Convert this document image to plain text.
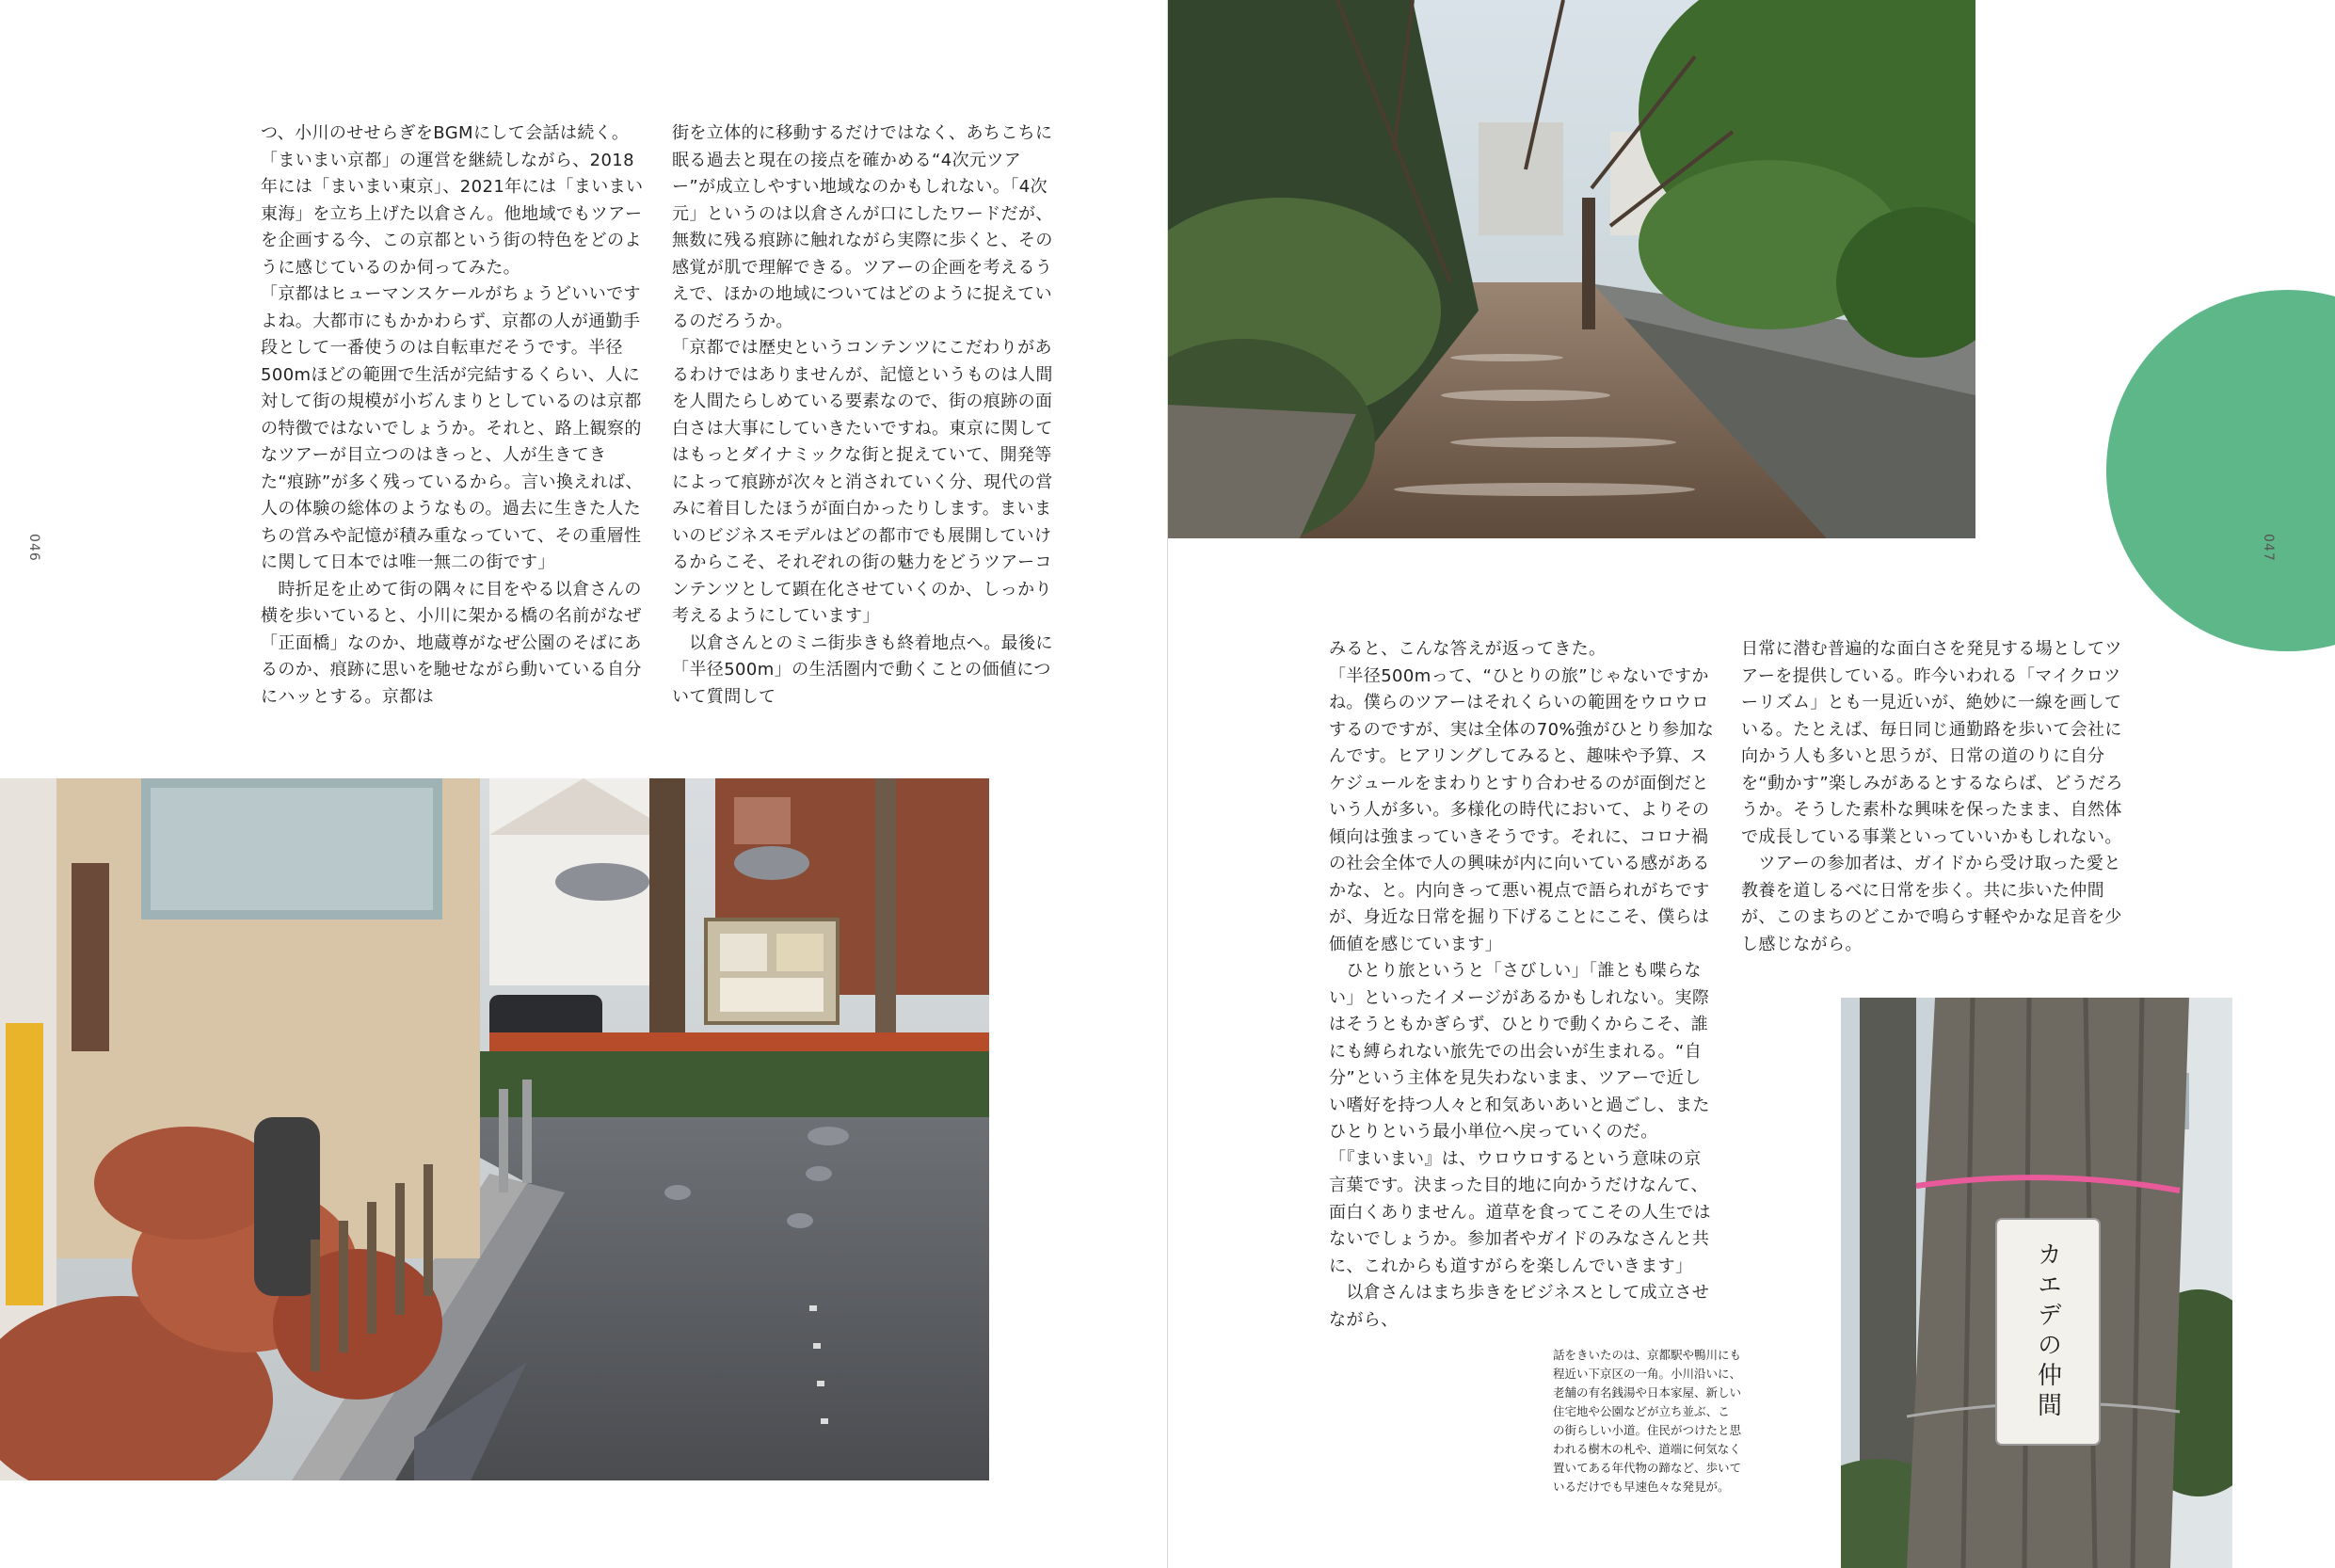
つ、小川のせせらぎをBGMにして会話は続く。「まいまい京都」の運営を継続しながら、2018年には「まいまい東京」、2021年には「まいまい東海」を立ち上げた以倉さん。他地域でもツアーを企画する今、この京都という街の特色をどのように感じているのか伺ってみた。

「京都はヒューマンスケールがちょうどいいですよね。大都市にもかかわらず、京都の人が通勤手段として一番使うのは自転車だそうです。半径500mほどの範囲で生活が完結するくらい、人に対して街の規模が小ぢんまりとしているのは京都の特徴ではないでしょうか。それと、路上観察的なツアーが目立つのはきっと、人が生きてきた“痕跡”が多く残っているから。言い換えれば、人の体験の総体のようなもの。過去に生きた人たちの営みや記憶が積み重なっていて、その重層性に関して日本では唯一無二の街です」

　時折足を止めて街の隅々に目をやる以倉さんの横を歩いていると、小川に架かる橋の名前がなぜ「正面橋」なのか、地蔵尊がなぜ公園のそばにあるのか、痕跡に思いを馳せながら動いている自分にハッとする。京都は

街を立体的に移動するだけではなく、あちこちに眠る過去と現在の接点を確かめる“4次元ツアー”が成立しやすい地域なのかもしれない。「4次元」というのは以倉さんが口にしたワードだが、無数に残る痕跡に触れながら実際に歩くと、その感覚が肌で理解できる。ツアーの企画を考えるうえで、ほかの地域についてはどのように捉えているのだろうか。

「京都では歴史というコンテンツにこだわりがあるわけではありませんが、記憶というものは人間を人間たらしめている要素なので、街の痕跡の面白さは大事にしていきたいですね。東京に関してはもっとダイナミックな街と捉えていて、開発等によって痕跡が次々と消されていく分、現代の営みに着目したほうが面白かったりします。まいまいのビジネスモデルはどの都市でも展開していけるからこそ、それぞれの街の魅力をどうツアーコンテンツとして顕在化させていくのか、しっかり考えるようにしています」

　以倉さんとのミニ街歩きも終着地点へ。最後に「半径500m」の生活圏内で動くことの価値について質問して

046	047

みると、こんな答えが返ってきた。

「半径500mって、“ひとりの旅”じゃないですかね。僕らのツアーはそれくらいの範囲をウロウロするのですが、実は全体の70%強がひとり参加なんです。ヒアリングしてみると、趣味や予算、スケジュールをまわりとすり合わせるのが面倒だという人が多い。多様化の時代において、よりその傾向は強まっていきそうです。それに、コロナ禍の社会全体で人の興味が内に向いている感があるかな、と。内向きって悪い視点で語られがちですが、身近な日常を掘り下げることにこそ、僕らは価値を感じています」

　ひとり旅というと「さびしい」「誰とも喋らない」といったイメージがあるかもしれない。実際はそうともかぎらず、ひとりで動くからこそ、誰にも縛られない旅先での出会いが生まれる。“自分”という主体を見失わないまま、ツアーで近しい嗜好を持つ人々と和気あいあいと過ごし、またひとりという最小単位へ戻っていくのだ。

「『まいまい』は、ウロウロするという意味の京言葉です。決まった目的地に向かうだけなんて、面白くありません。道草を食ってこその人生ではないでしょうか。参加者やガイドのみなさんと共に、これからも道すがらを楽しんでいきます」

　以倉さんはまち歩きをビジネスとして成立させながら、

日常に潜む普遍的な面白さを発見する場としてツアーを提供している。昨今いわれる「マイクロツーリズム」とも一見近いが、絶妙に一線を画している。たとえば、毎日同じ通勤路を歩いて会社に向かう人も多いと思うが、日常の道のりに自分を“動かす”楽しみがあるとするならば、どうだろうか。そうした素朴な興味を保ったまま、自然体で成長している事業といっていいかもしれない。

　ツアーの参加者は、ガイドから受け取った愛と教養を道しるべに日常を歩く。共に歩いた仲間が、このまちのどこかで鳴らす軽やかな足音を少し感じながら。

話をきいたのは、京都駅や鴨川にも程近い下京区の一角。小川沿いに、老舗の有名銭湯や日本家屋、新しい住宅地や公園などが立ち並ぶ、この街らしい小道。住民がつけたと思われる樹木の札や、道端に何気なく置いてある年代物の蹄など、歩いているだけでも早速色々な発見が。

カエデの仲間
